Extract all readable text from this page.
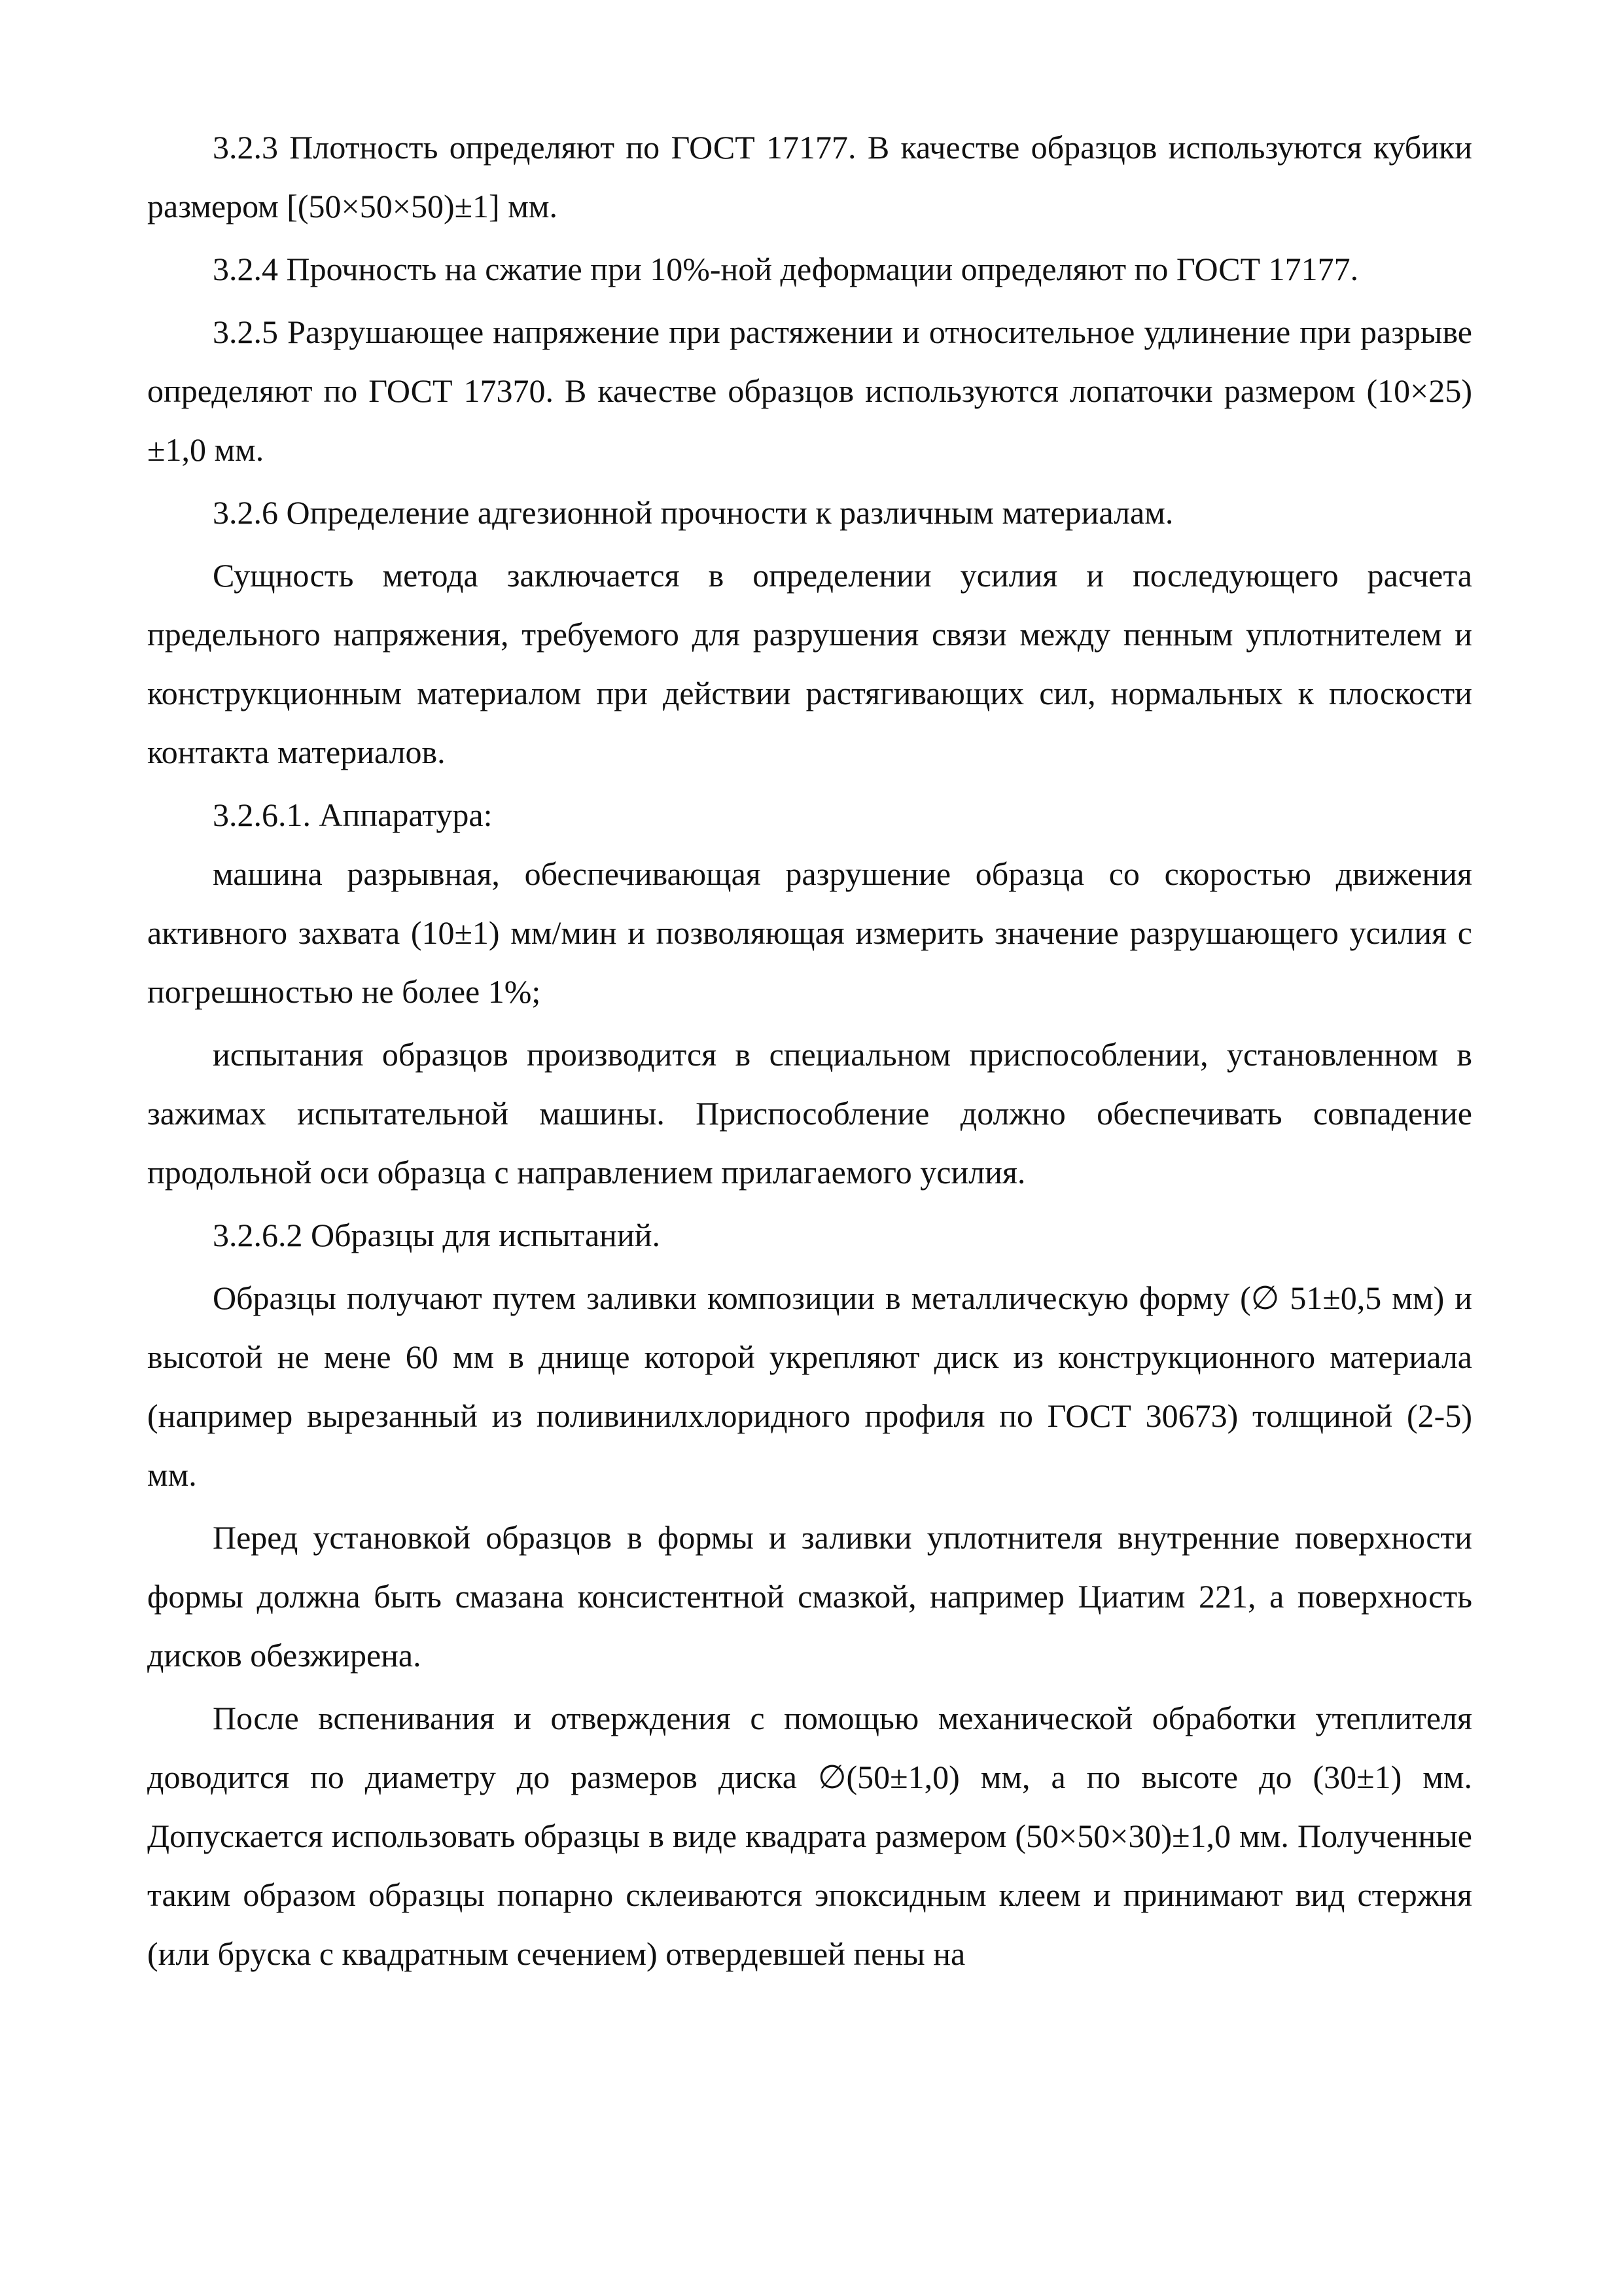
3.2.3 Плотность определяют по ГОСТ 17177. В качестве образцов используются кубики размером [(50×50×50)±1] мм.

3.2.4 Прочность на сжатие при 10%-ной деформации определяют по ГОСТ 17177.

3.2.5 Разрушающее напряжение при растяжении и относительное удлинение при разрыве определяют по ГОСТ 17370. В качестве образцов используются лопаточки размером (10×25) ±1,0 мм.

3.2.6 Определение адгезионной прочности к различным материалам.

Сущность метода заключается в определении усилия и последующего расчета предельного напряжения, требуемого для разрушения связи между пенным уплотнителем и конструкционным материалом при действии растягивающих сил, нормальных к плоскости контакта материалов.

3.2.6.1. Аппаратура:

машина разрывная, обеспечивающая разрушение образца со скоростью движения активного захвата (10±1) мм/мин и позволяющая измерить значение разрушающего усилия с погрешностью не более 1%;

испытания образцов производится в специальном приспособлении, установленном в зажимах испытательной машины. Приспособление должно обеспечивать совпадение продольной оси образца с направлением прилагаемого усилия.

3.2.6.2 Образцы для испытаний.

Образцы получают путем заливки композиции в металлическую форму (∅ 51±0,5 мм) и высотой не мене 60 мм в днище которой укрепляют диск из конструкционного материала (например вырезанный из поливинилхлоридного профиля по ГОСТ 30673) толщиной (2-5) мм.

Перед установкой образцов в формы и заливки уплотнителя внутренние поверхности формы должна быть смазана консистентной смазкой, например Циатим 221, а поверхность дисков обезжирена.

После вспенивания и отверждения с помощью механической обработки утеплителя доводится по диаметру до размеров диска ∅(50±1,0) мм, а по высоте до (30±1) мм. Допускается использовать образцы в виде квадрата размером (50×50×30)±1,0 мм. Полученные таким образом образцы попарно склеиваются эпоксидным клеем и принимают вид стержня (или бруска с квадратным сечением) отвердевшей пены на
